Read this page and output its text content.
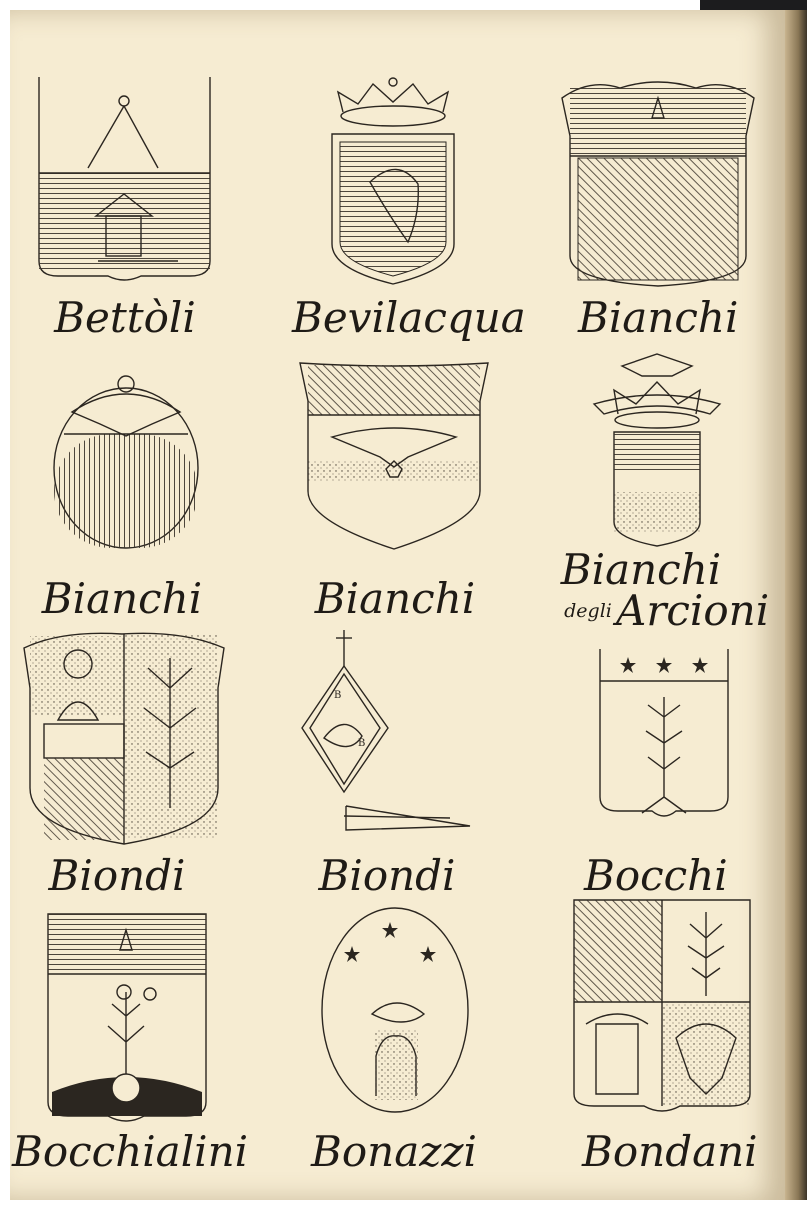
Bettòli	Bevilacqua Bianchi
Bianchi	Bianchi
Bianchi
degli Arcioni
Biondi
B
B
Biondi	Bocchi
Bocchialini Bonazzi	Bondani
